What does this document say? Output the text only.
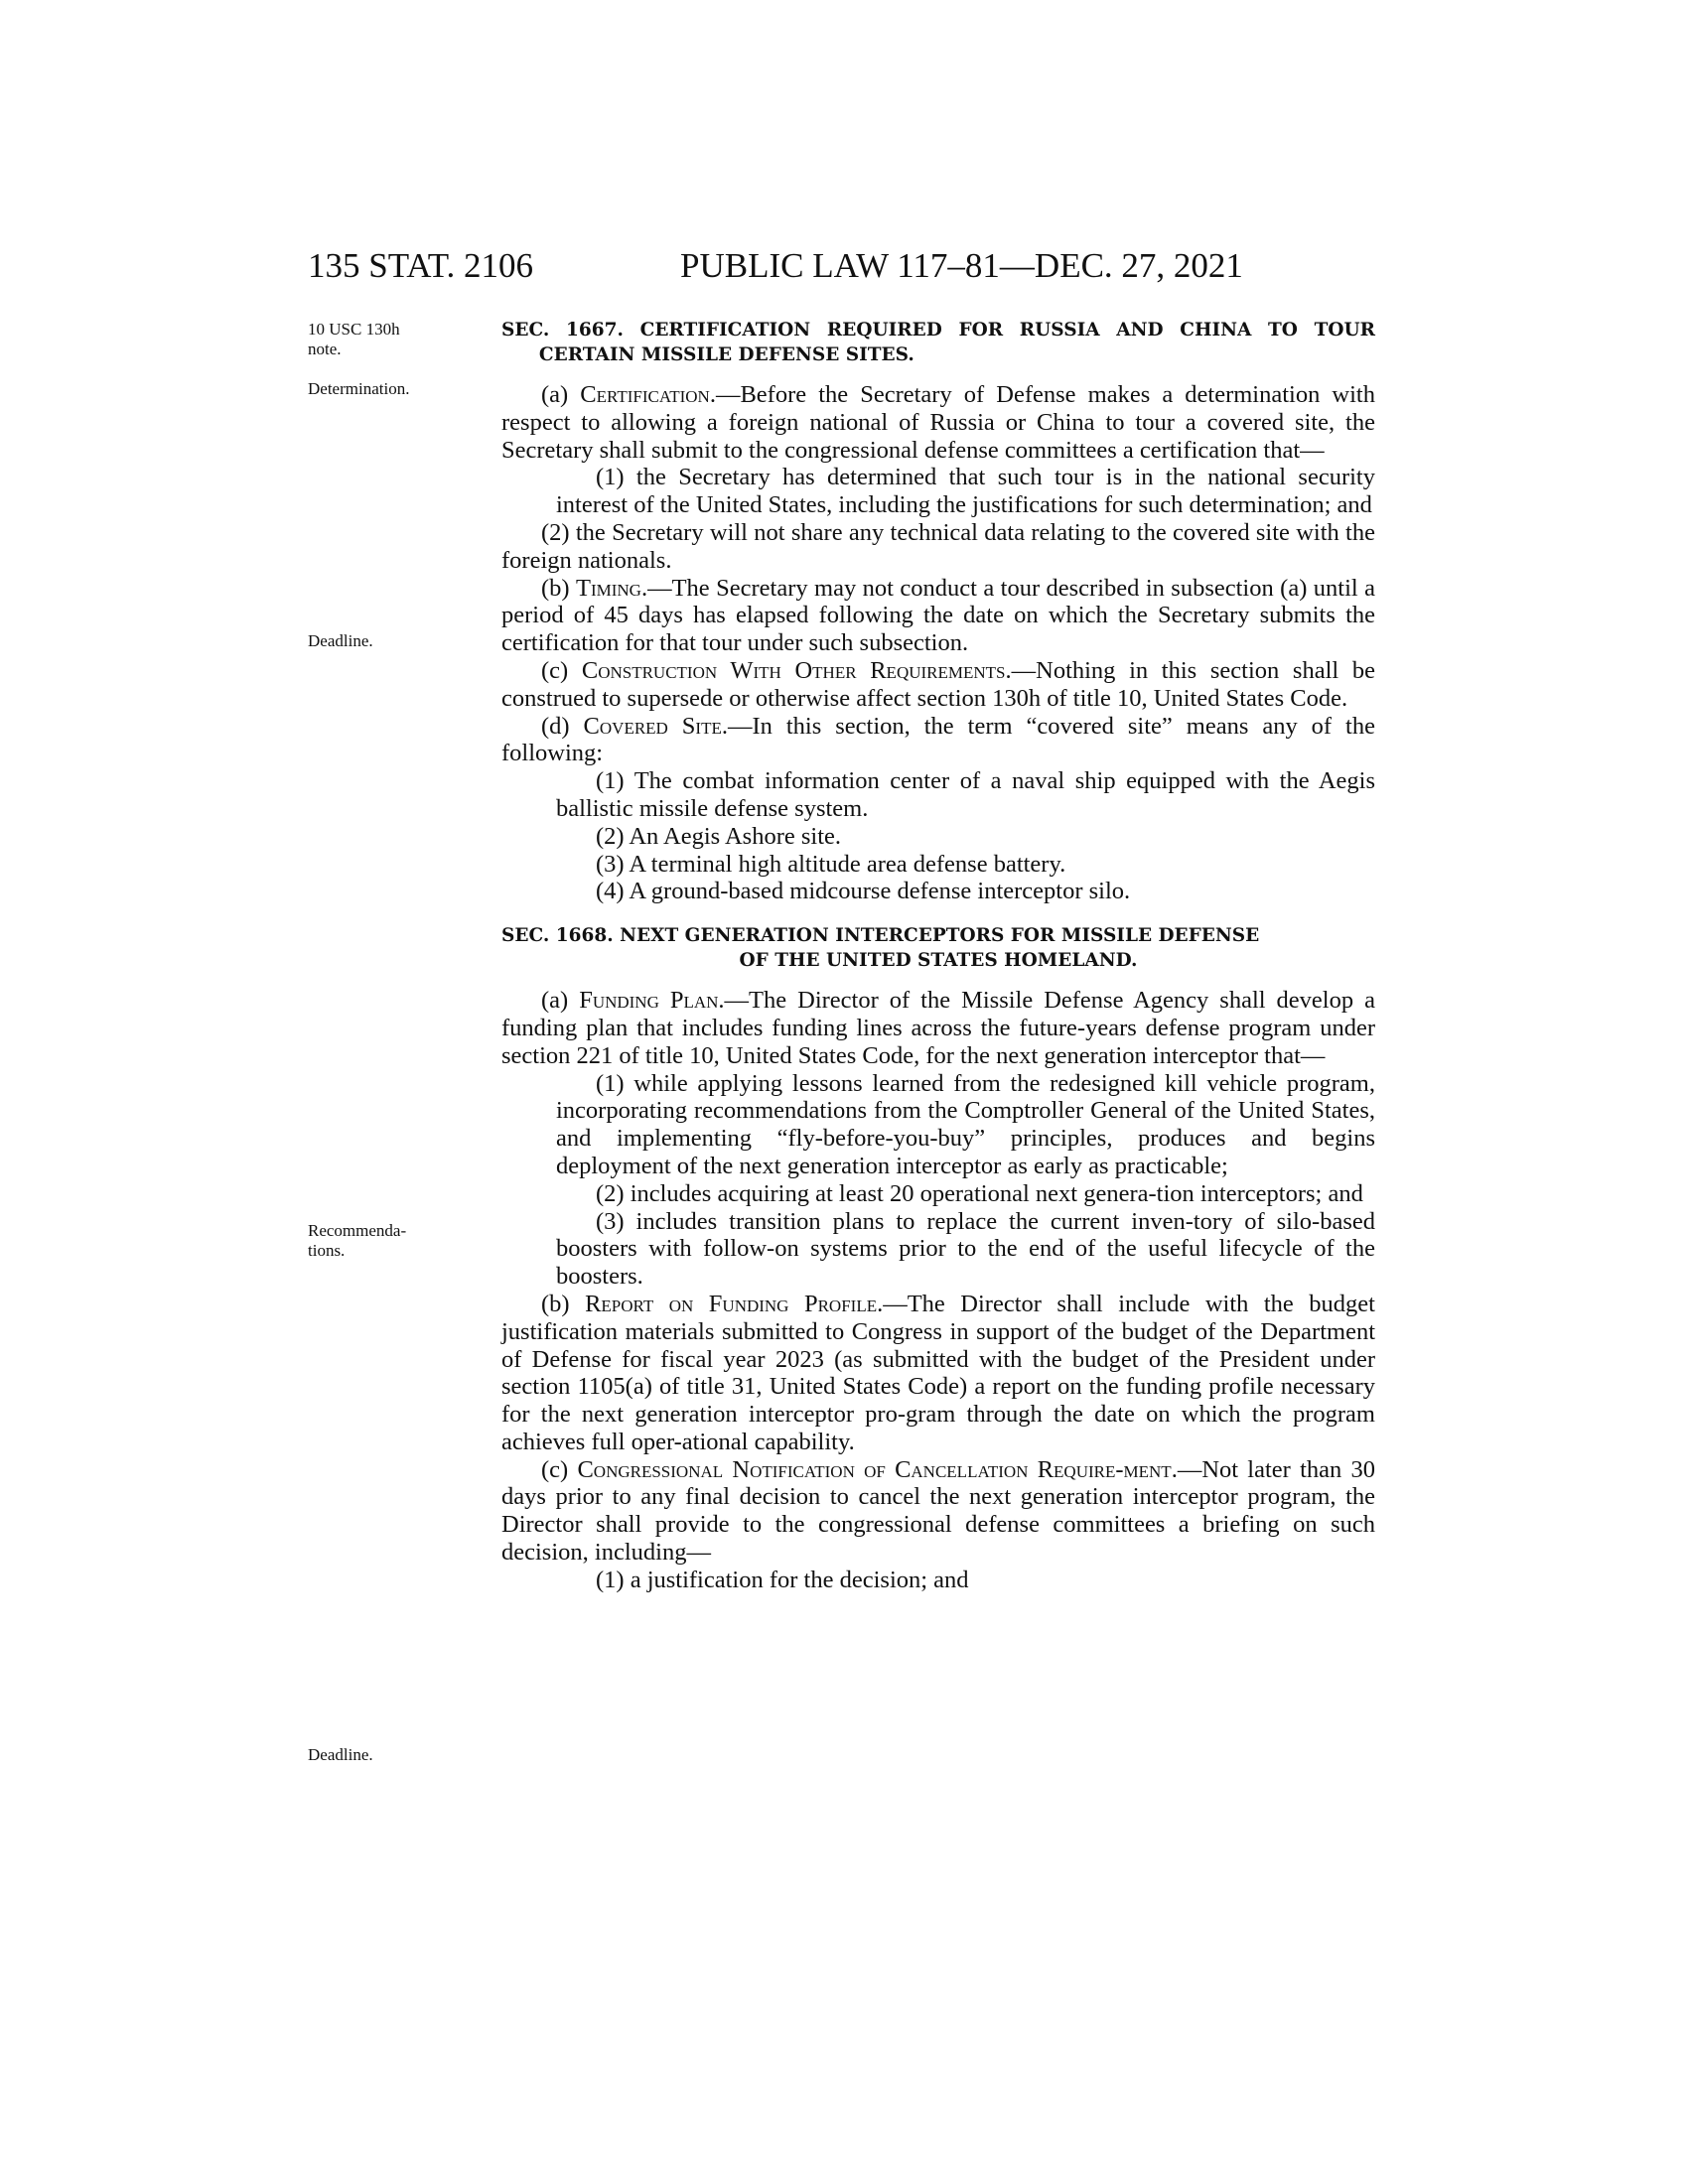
135 STAT. 2106	PUBLIC LAW 117–81—DEC. 27, 2021
10 USC 130h
note.
Determination.
Deadline.
Recommenda-
tions.
Deadline.

SEC. 1667. CERTIFICATION REQUIRED FOR RUSSIA AND CHINA TO TOUR CERTAIN MISSILE DEFENSE SITES.

(a) Certification.—Before the Secretary of Defense makes a determination with respect to allowing a foreign national of Russia or China to tour a covered site, the Secretary shall submit to the congressional defense committees a certification that—

(1) the Secretary has determined that such tour is in the national security interest of the United States, including the justifications for such determination; and

(2) the Secretary will not share any technical data relating to the covered site with the foreign nationals.

(b) Timing.—The Secretary may not conduct a tour described in subsection (a) until a period of 45 days has elapsed following the date on which the Secretary submits the certification for that tour under such subsection.

(c) Construction With Other Requirements.—Nothing in this section shall be construed to supersede or otherwise affect section 130h of title 10, United States Code.

(d) Covered Site.—In this section, the term “covered site” means any of the following:

(1) The combat information center of a naval ship equipped with the Aegis ballistic missile defense system.

(2) An Aegis Ashore site.

(3) A terminal high altitude area defense battery.

(4) A ground-based midcourse defense interceptor silo.

SEC. 1668. NEXT GENERATION INTERCEPTORS FOR MISSILE DEFENSE

OF THE UNITED STATES HOMELAND.

(a) Funding Plan.—The Director of the Missile Defense Agency shall develop a funding plan that includes funding lines across the future-years defense program under section 221 of title 10, United States Code, for the next generation interceptor that—

(1) while applying lessons learned from the redesigned kill vehicle program, incorporating recommendations from the Comptroller General of the United States, and implementing “fly-before-you-buy” principles, produces and begins deployment of the next generation interceptor as early as practicable;

(2) includes acquiring at least 20 operational next genera-tion interceptors; and

(3) includes transition plans to replace the current inven-tory of silo-based boosters with follow-on systems prior to the end of the useful lifecycle of the boosters.

(b) Report on Funding Profile.—The Director shall include with the budget justification materials submitted to Congress in support of the budget of the Department of Defense for fiscal year 2023 (as submitted with the budget of the President under section 1105(a) of title 31, United States Code) a report on the funding profile necessary for the next generation interceptor pro-gram through the date on which the program achieves full oper-ational capability.

(c) Congressional Notification of Cancellation Require-ment.—Not later than 30 days prior to any final decision to cancel the next generation interceptor program, the Director shall provide to the congressional defense committees a briefing on such decision, including—

(1) a justification for the decision; and
